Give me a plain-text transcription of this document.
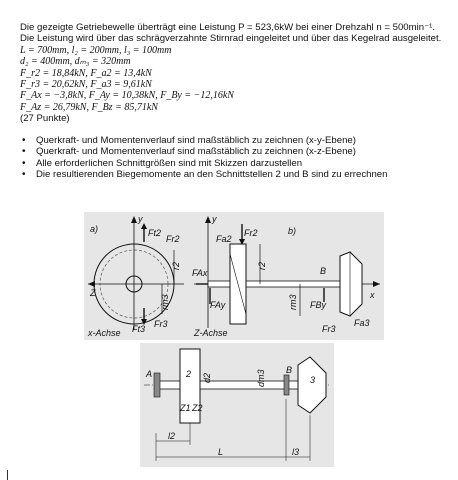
Die gezeigte Getriebewelle überträgt eine Leistung P = 523,6kW bei einer Drehzahl n = 500min⁻¹.

Die Leistung wird über das schrägverzahnte Stirnrad eingeleitet und über das Kegelrad ausgeleitet.

L = 700mm, l₂ = 200mm, l₃ = 100mm

d₂ = 400mm, dₘ₃ = 320mm

F_r2 = 18,84kN, F_a2 = 13,4kN

F_r3 = 20,62kN, F_a3 = 9,61kN

F_Ax = −3,8kN, F_Ay = 10,38kN, F_By = −12,16kN

F_Az = 26,79kN, F_Bz = 85,71kN

(27 Punkte)

• Querkraft- und Momentenverlauf sind maßstäblich zu zeichnen (x-y-Ebene)
• Querkraft- und Momentenverlauf sind maßstäblich zu zeichnen (x-z-Ebene)
• Alle erforderlichen Schnittgrößen sind mit Skizzen darzustellen
• Die resultierenden Biegemomente an den Schnittstellen 2 und B sind zu errechnen
a)
y
Z
Ft2
r2
Fr2
rm3
Ft3 Fr3
x-Achse
b)
y
x
Fa2
Fr2
r2
FAx
FAy
Z-Achse
rm3
B
FBy
Fr3
Fa3
A	2
Z1 Z2
d2	dm3 B
3
l2
L	l3
